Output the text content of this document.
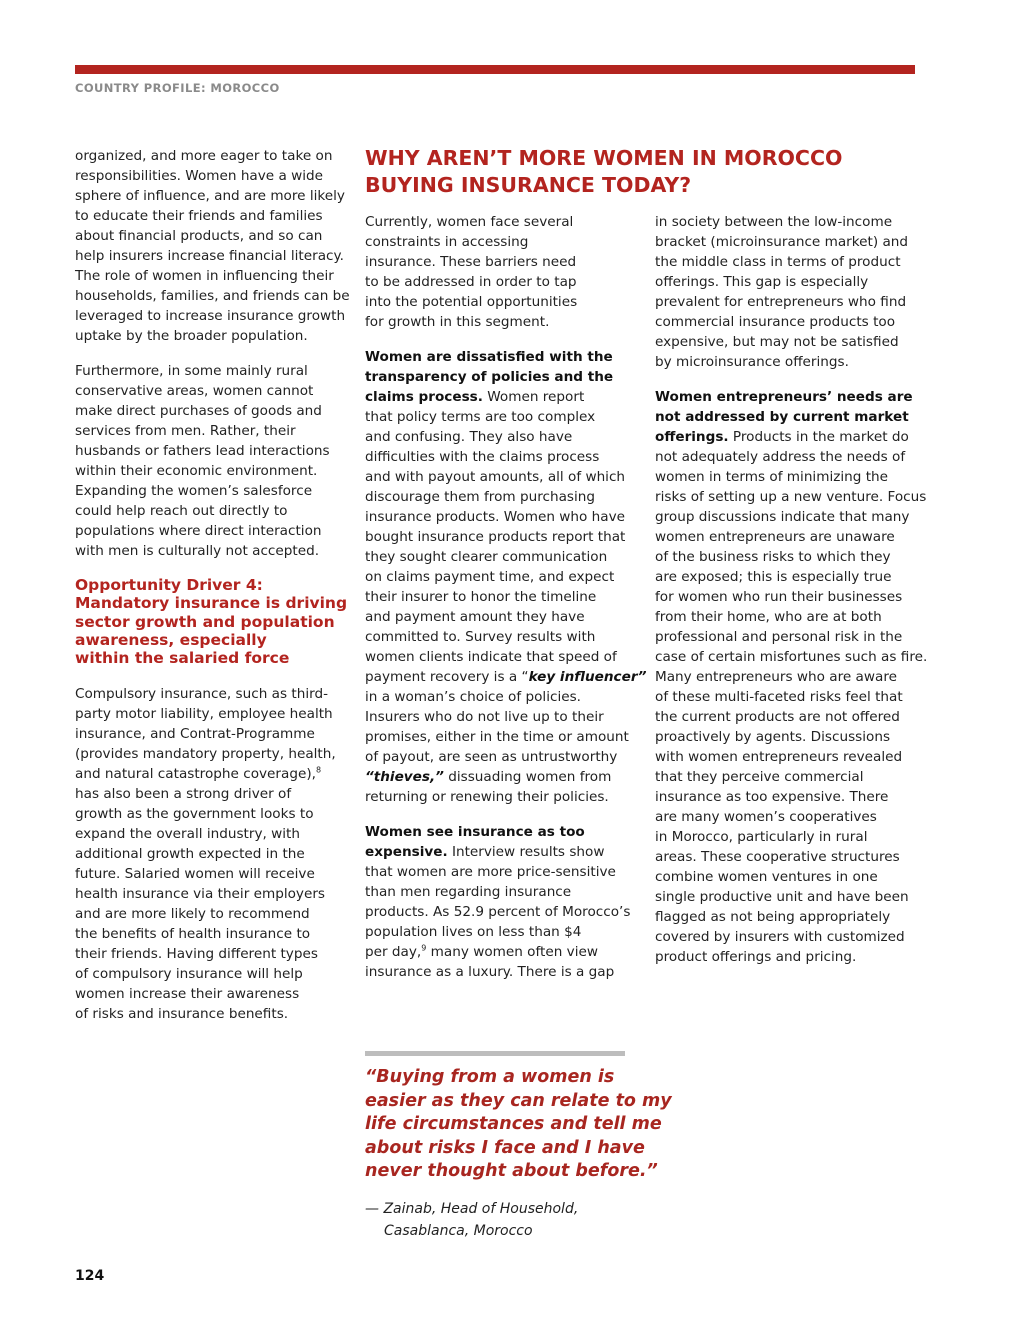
COUNTRY PROFILE: MOROCCO

organized, and more eager to take on
responsibilities. Women have a wide
sphere of influence, and are more likely
to educate their friends and families
about financial products, and so can
help insurers increase financial literacy.
The role of women in influencing their
households, families, and friends can be
leveraged to increase insurance growth
uptake by the broader population.

Furthermore, in some mainly rural
conservative areas, women cannot
make direct purchases of goods and
services from men. Rather, their
husbands or fathers lead interactions
within their economic environment.
Expanding the women’s salesforce
could help reach out directly to
populations where direct interaction
with men is culturally not accepted.

Opportunity Driver 4:
Mandatory insurance is driving
sector growth and population
awareness, especially
within the salaried force

Compulsory insurance, such as third-
party motor liability, employee health
insurance, and Contrat-Programme
(provides mandatory property, health,
and natural catastrophe coverage),$^8$
has also been a strong driver of
growth as the government looks to
expand the overall industry, with
additional growth expected in the
future. Salaried women will receive
health insurance via their employers
and are more likely to recommend
the benefits of health insurance to
their friends. Having different types
of compulsory insurance will help
women increase their awareness
of risks and insurance benefits.

WHY AREN’T MORE WOMEN IN MOROCCO
BUYING INSURANCE TODAY?

Currently, women face several
constraints in accessing
insurance. These barriers need
to be addressed in order to tap
into the potential opportunities
for growth in this segment.

Women are dissatisfied with the
transparency of policies and the
claims process. Women report
that policy terms are too complex
and confusing. They also have
difficulties with the claims process
and with payout amounts, all of which
discourage them from purchasing
insurance products. Women who have
bought insurance products report that
they sought clearer communication
on claims payment time, and expect
their insurer to honor the timeline
and payment amount they have
committed to. Survey results with
women clients indicate that speed of
payment recovery is a “key influencer”
in a woman’s choice of policies.
Insurers who do not live up to their
promises, either in the time or amount
of payout, are seen as untrustworthy
“thieves,” dissuading women from
returning or renewing their policies.

Women see insurance as too
expensive. Interview results show
that women are more price-sensitive
than men regarding insurance
products. As 52.9 percent of Morocco’s
population lives on less than $4
per day,$^9$ many women often view
insurance as a luxury. There is a gap

in society between the low-income
bracket (microinsurance market) and
the middle class in terms of product
offerings. This gap is especially
prevalent for entrepreneurs who find
commercial insurance products too
expensive, but may not be satisfied
by microinsurance offerings.

Women entrepreneurs’ needs are
not addressed by current market
offerings. Products in the market do
not adequately address the needs of
women in terms of minimizing the
risks of setting up a new venture. Focus
group discussions indicate that many
women entrepreneurs are unaware
of the business risks to which they
are exposed; this is especially true
for women who run their businesses
from their home, who are at both
professional and personal risk in the
case of certain misfortunes such as fire.
Many entrepreneurs who are aware
of these multi-faceted risks feel that
the current products are not offered
proactively by agents. Discussions
with women entrepreneurs revealed
that they perceive commercial
insurance as too expensive. There
are many women’s cooperatives
in Morocco, particularly in rural
areas. These cooperative structures
combine women ventures in one
single productive unit and have been
flagged as not being appropriately
covered by insurers with customized
product offerings and pricing.

“Buying from a women is
easier as they can relate to my
life circumstances and tell me
about risks I face and I have
never thought about before.”
— Zainab, Head of Household,
Casablanca, Morocco
124
